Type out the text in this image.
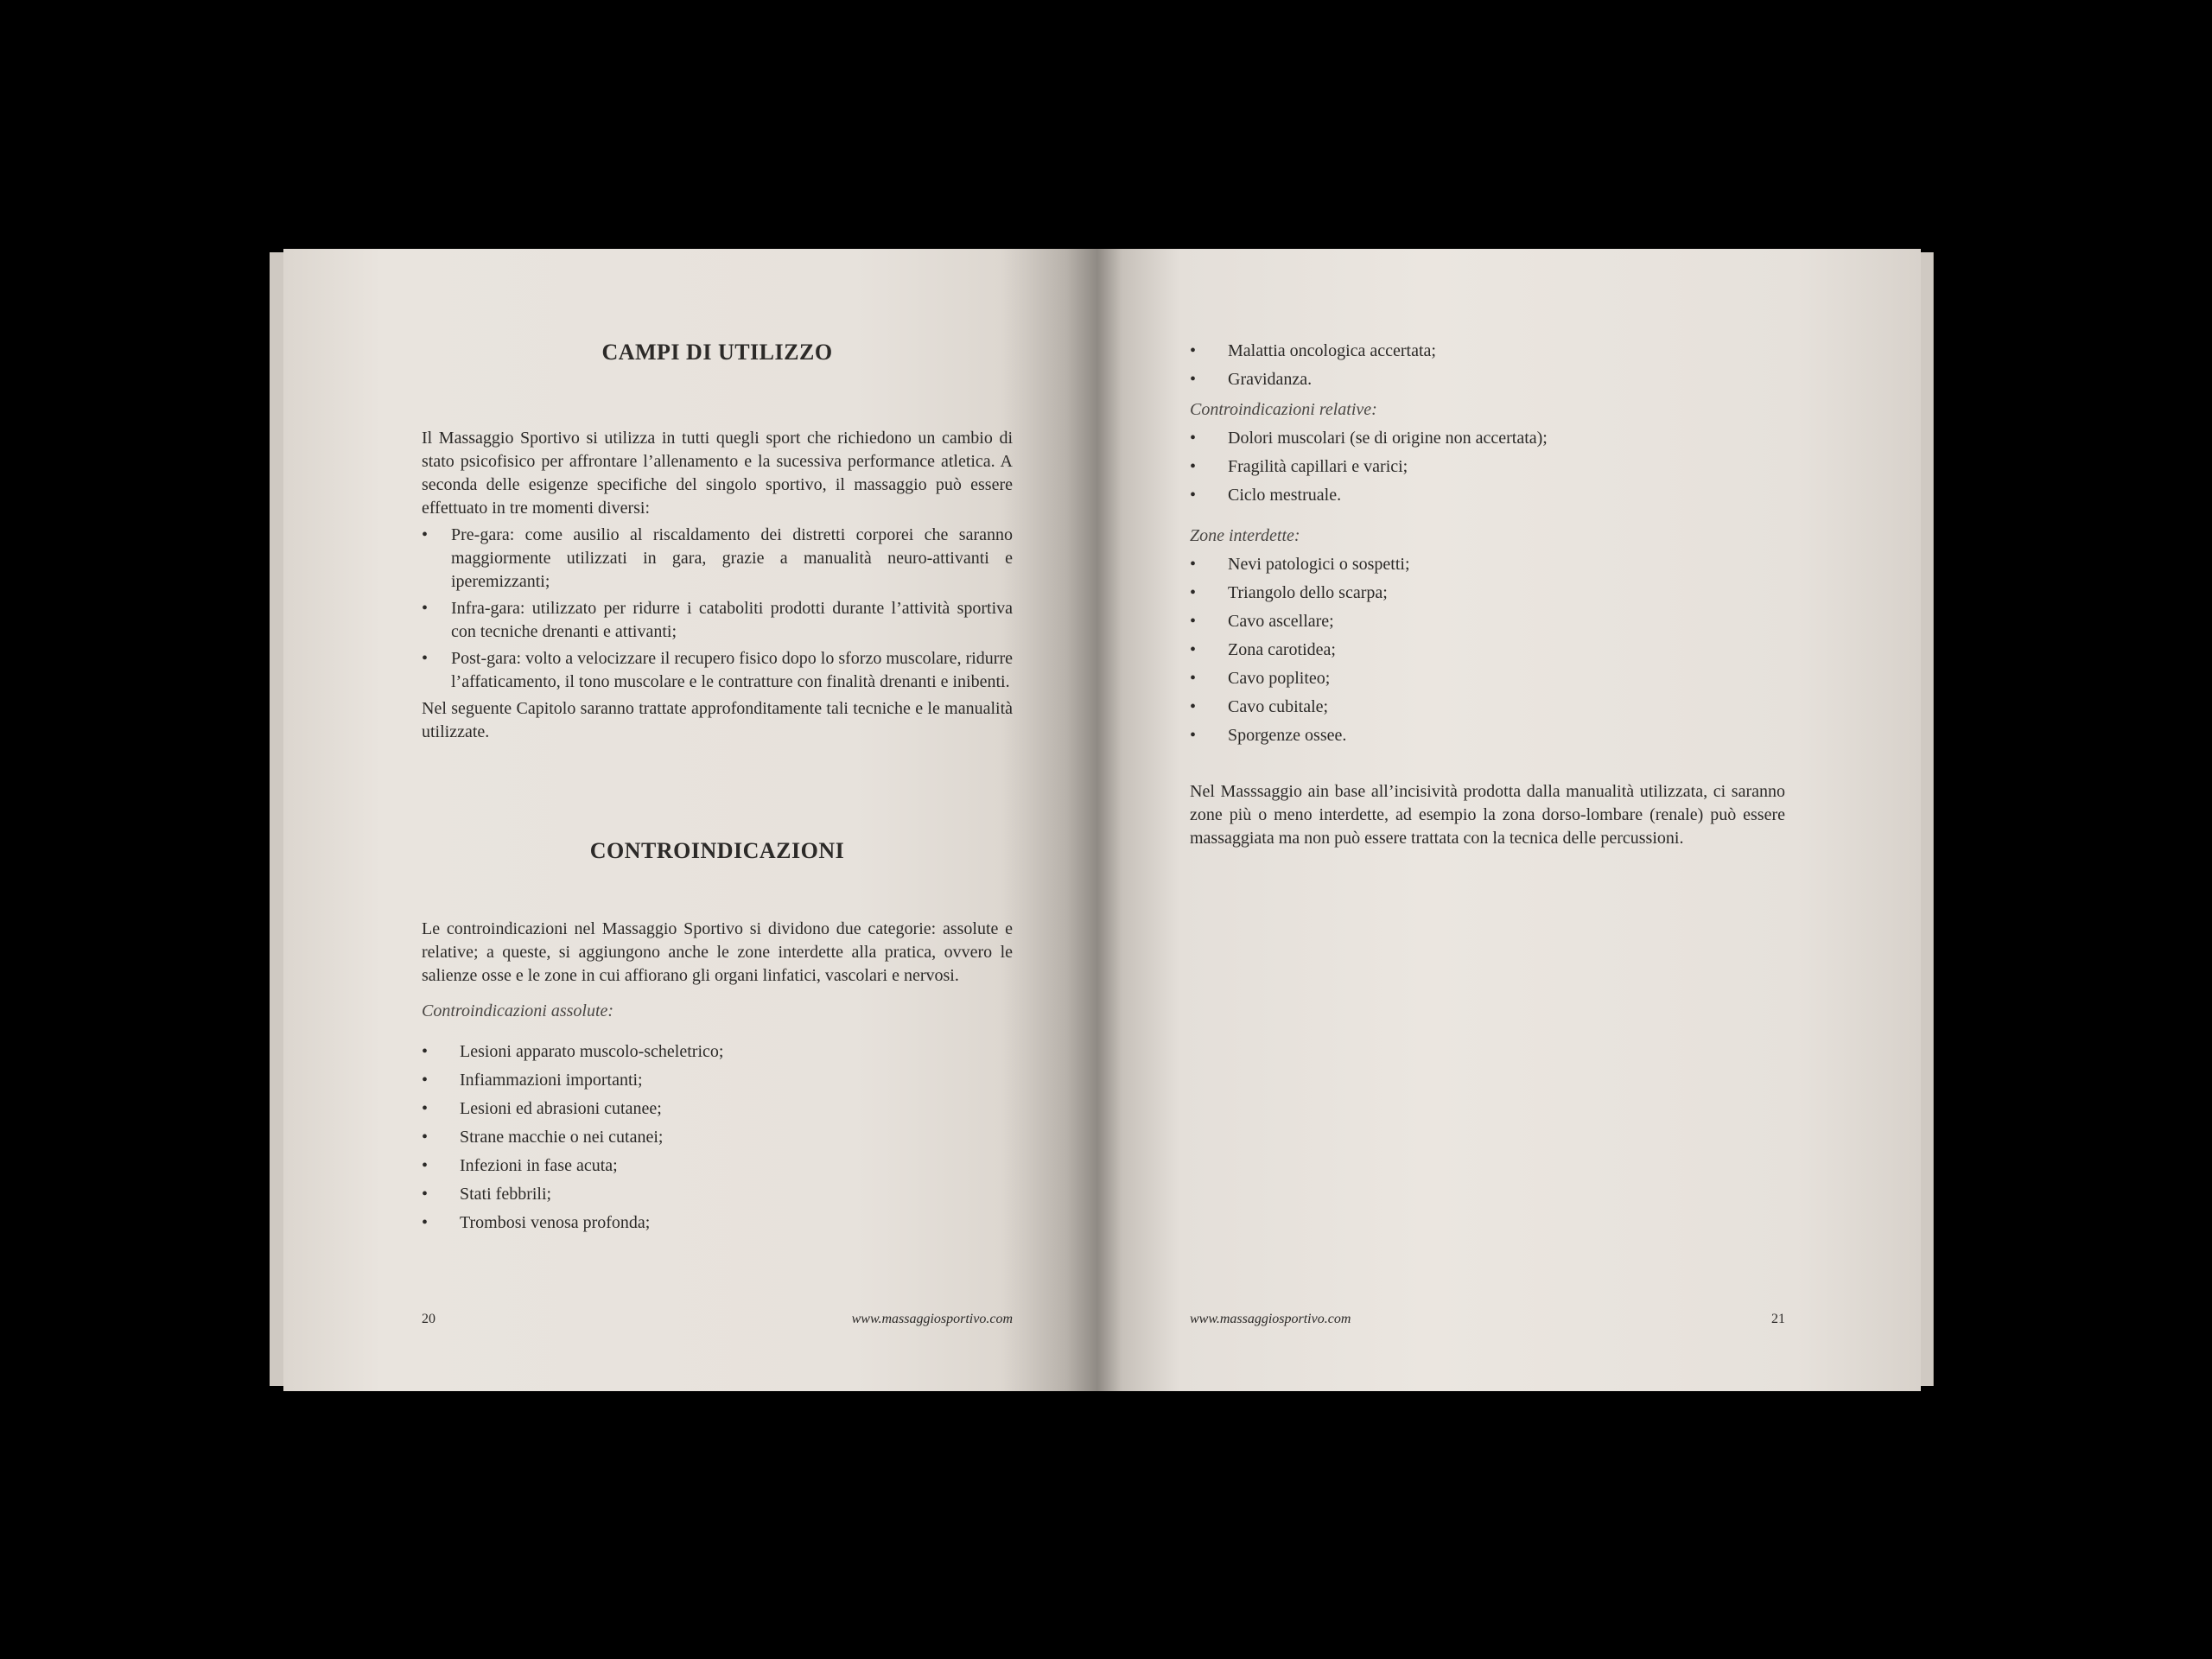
CAMPI DI UTILIZZO

Il Massaggio Sportivo si utilizza in tutti quegli sport che richiedono un cambio di stato psicofisico per affrontare l’allenamento e la sucessiva performance atletica. A seconda delle esigenze specifiche del singolo sportivo, il massaggio può essere effettuato in tre momenti diversi:

• Pre-gara: come ausilio al riscaldamento dei distretti corporei che saranno maggiormente utilizzati in gara, grazie a manualità neuro-attivanti e iperemizzanti;
• Infra-gara: utilizzato per ridurre i cataboliti prodotti durante l’attività sportiva con tecniche drenanti e attivanti;
• Post-gara: volto a velocizzare il recupero fisico dopo lo sforzo muscolare, ridurre l’affaticamento, il tono muscolare e le contratture con finalità drenanti e inibenti.

Nel seguente Capitolo saranno trattate approfonditamente tali tecniche e le manualità utilizzate.

CONTROINDICAZIONI

Le controindicazioni nel Massaggio Sportivo si dividono due categorie: assolute e relative; a queste, si aggiungono anche le zone interdette alla pratica, ovvero le salienze osse e le zone in cui affiorano gli organi linfatici, vascolari e nervosi.

Controindicazioni assolute:

• Lesioni apparato muscolo-scheletrico;
• Infiammazioni importanti;
• Lesioni ed abrasioni cutanee;
• Strane macchie o nei cutanei;
• Infezioni in fase acuta;
• Stati febbrili;
• Trombosi venosa profonda;
20	www.massaggiosportivo.com
• Malattia oncologica accertata;
• Gravidanza.

Controindicazioni relative:

• Dolori muscolari (se di origine non accertata);
• Fragilità capillari e varici;
• Ciclo mestruale.

Zone interdette:

• Nevi patologici o sospetti;
• Triangolo dello scarpa;
• Cavo ascellare;
• Zona carotidea;
• Cavo popliteo;
• Cavo cubitale;
• Sporgenze ossee.

Nel Masssaggio ain base all’incisività prodotta dalla manualità utilizzata, ci saranno zone più o meno interdette, ad esempio la zona dorso-lombare (renale) può essere massaggiata ma non può essere trattata con la tecnica delle percussioni.

www.massaggiosportivo.com	21
